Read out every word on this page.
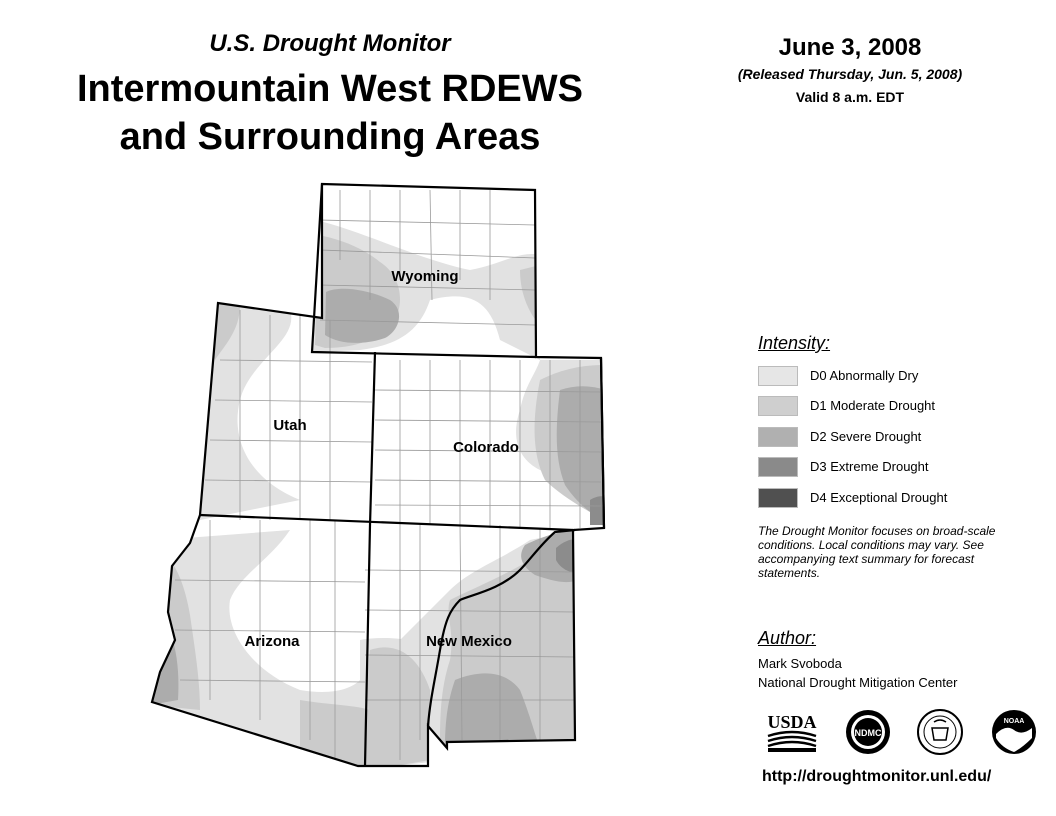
U.S. Drought Monitor
Intermountain West RDEWS
and Surrounding Areas
June 3, 2008
(Released Thursday, Jun. 5, 2008)
Valid 8 a.m. EDT
Wyoming
Utah
Colorado
Arizona	New Mexico
Intensity:
D0 Abnormally Dry
D1 Moderate Drought
D2 Severe Drought
D3 Extreme Drought
D4 Exceptional Drought
The Drought Monitor focuses on broad-scale conditions. Local conditions may vary. See accompanying text summary for forecast statements.
Author:
Mark Svoboda
National Drought Mitigation Center
USDA
NDMC
NOAA
http://droughtmonitor.unl.edu/
